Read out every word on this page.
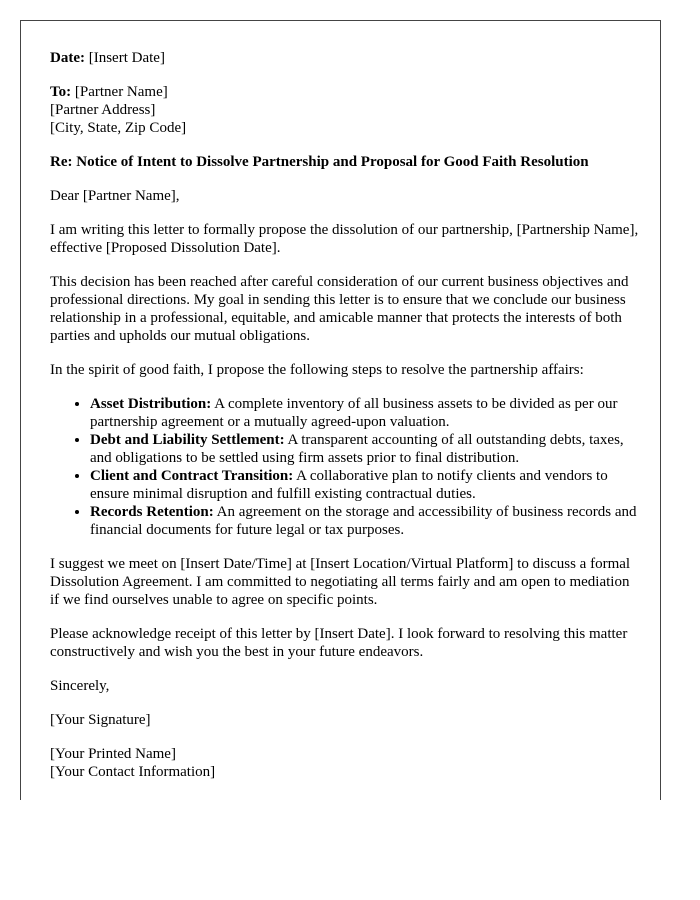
Date: [Insert Date]

To: [Partner Name]
[Partner Address]
[City, State, Zip Code]

Re: Notice of Intent to Dissolve Partnership and Proposal for Good Faith Resolution

Dear [Partner Name],

I am writing this letter to formally propose the dissolution of our partnership, [Partnership Name], effective [Proposed Dissolution Date].

This decision has been reached after careful consideration of our current business objectives and professional directions. My goal in sending this letter is to ensure that we conclude our business relationship in a professional, equitable, and amicable manner that protects the interests of both parties and upholds our mutual obligations.

In the spirit of good faith, I propose the following steps to resolve the partnership affairs:

• Asset Distribution: A complete inventory of all business assets to be divided as per our partnership agreement or a mutually agreed-upon valuation.
• Debt and Liability Settlement: A transparent accounting of all outstanding debts, taxes, and obligations to be settled using firm assets prior to final distribution.
• Client and Contract Transition: A collaborative plan to notify clients and vendors to ensure minimal disruption and fulfill existing contractual duties.
• Records Retention: An agreement on the storage and accessibility of business records and financial documents for future legal or tax purposes.

I suggest we meet on [Insert Date/Time] at [Insert Location/Virtual Platform] to discuss a formal Dissolution Agreement. I am committed to negotiating all terms fairly and am open to mediation if we find ourselves unable to agree on specific points.

Please acknowledge receipt of this letter by [Insert Date]. I look forward to resolving this matter constructively and wish you the best in your future endeavors.

Sincerely,

[Your Signature]

[Your Printed Name]
[Your Contact Information]
